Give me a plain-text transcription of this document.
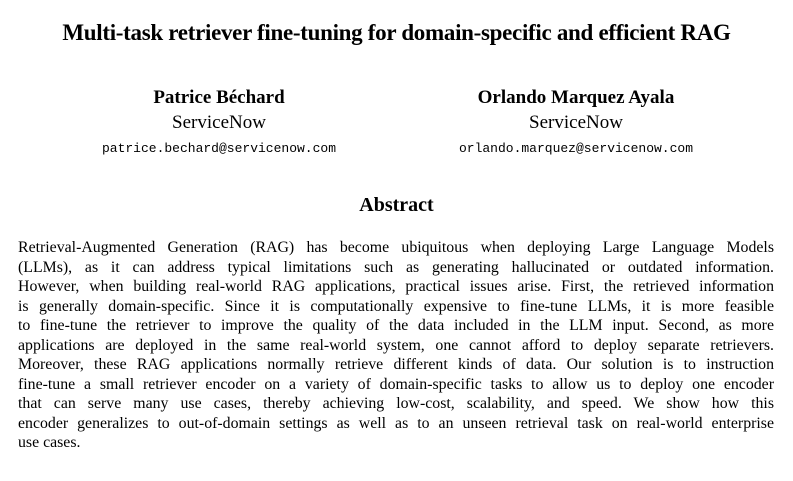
Multi-task retriever fine-tuning for domain-specific and efficient RAG
Patrice Béchard
ServiceNow
patrice.bechard@servicenow.com
Orlando Marquez Ayala
ServiceNow
orlando.marquez@servicenow.com
Abstract
Retrieval-Augmented Generation (RAG) has become ubiquitous when deploying Large Language Models
(LLMs), as it can address typical limitations such as generating hallucinated or outdated information.
However, when building real-world RAG applications, practical issues arise. First, the retrieved information
is generally domain-specific. Since it is computationally expensive to fine-tune LLMs, it is more feasible
to fine-tune the retriever to improve the quality of the data included in the LLM input. Second, as more
applications are deployed in the same real-world system, one cannot afford to deploy separate retrievers.
Moreover, these RAG applications normally retrieve different kinds of data. Our solution is to instruction
fine-tune a small retriever encoder on a variety of domain-specific tasks to allow us to deploy one encoder
that can serve many use cases, thereby achieving low-cost, scalability, and speed. We show how this
encoder generalizes to out-of-domain settings as well as to an unseen retrieval task on real-world enterprise
use cases.
